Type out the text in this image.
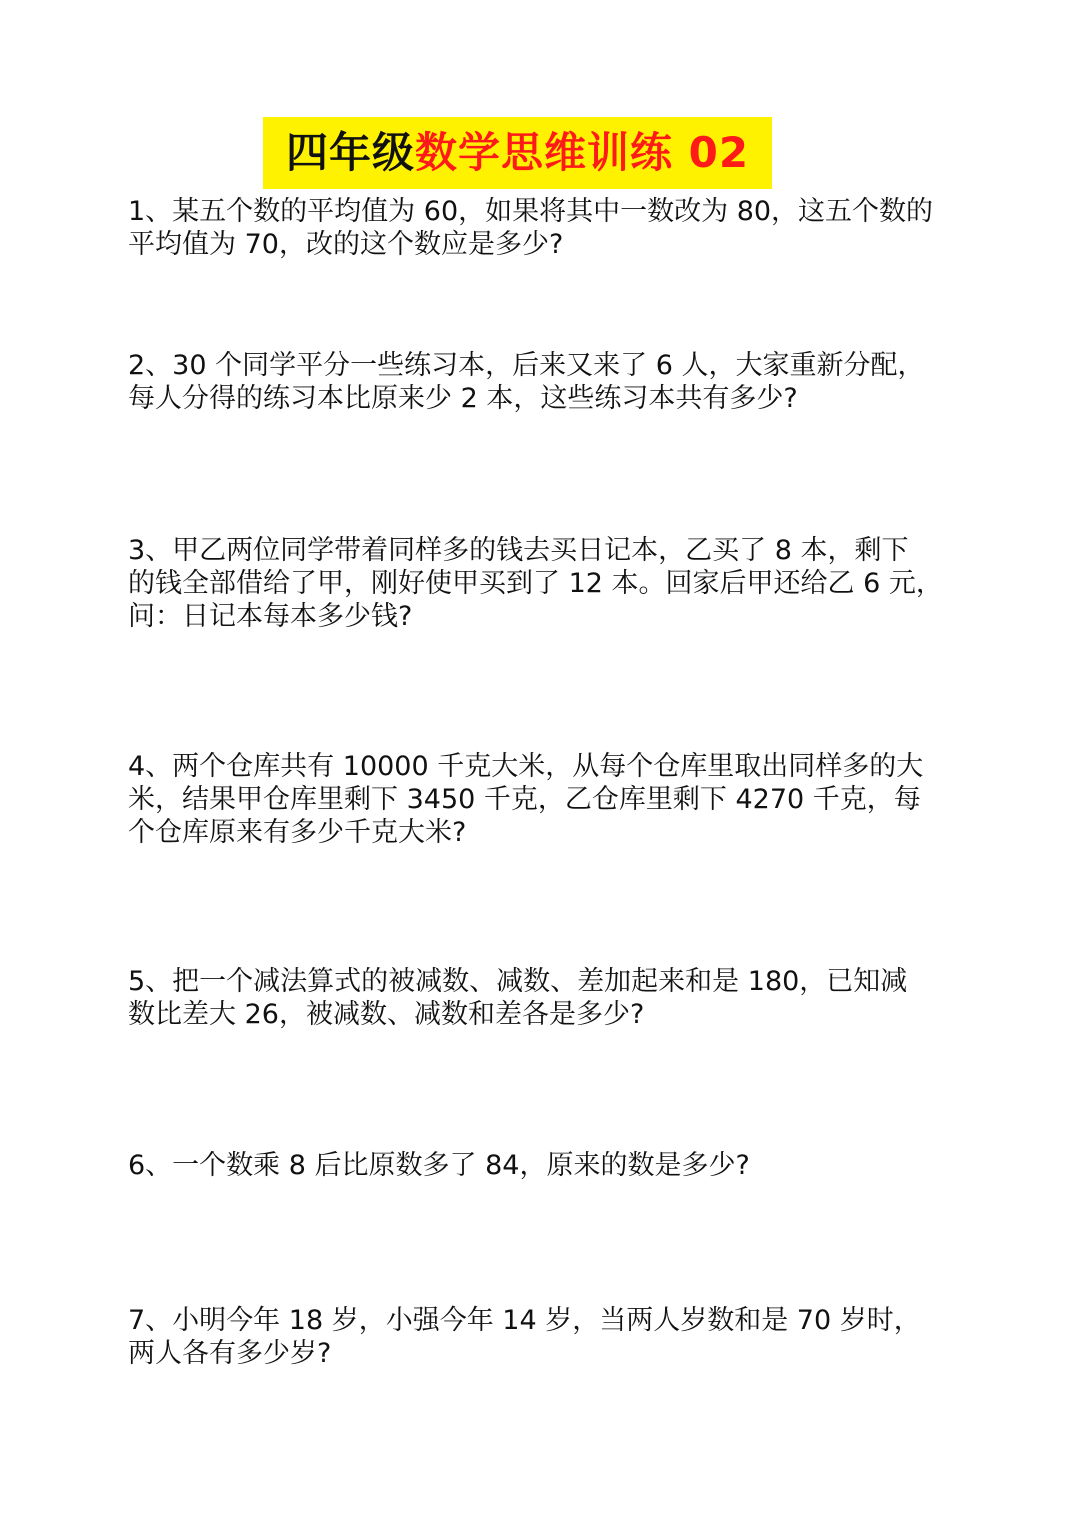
四年级数学思维训练 02
1、某五个数的平均值为 60，如果将其中一数改为 80，这五个数的
平均值为 70，改的这个数应是多少?
2、30 个同学平分一些练习本，后来又来了 6 人，大家重新分配，
每人分得的练习本比原来少 2 本，这些练习本共有多少?
3、甲乙两位同学带着同样多的钱去买日记本，乙买了 8 本，剩下
的钱全部借给了甲，刚好使甲买到了 12 本。回家后甲还给乙 6 元，
问：日记本每本多少钱?
4、两个仓库共有 10000 千克大米，从每个仓库里取出同样多的大
米，结果甲仓库里剩下 3450 千克，乙仓库里剩下 4270 千克，每
个仓库原来有多少千克大米?
5、把一个减法算式的被减数、减数、差加起来和是 180，已知减
数比差大 26，被减数、减数和差各是多少?
6、一个数乘 8 后比原数多了 84，原来的数是多少?
7、小明今年 18 岁，小强今年 14 岁，当两人岁数和是 70 岁时，
两人各有多少岁?
